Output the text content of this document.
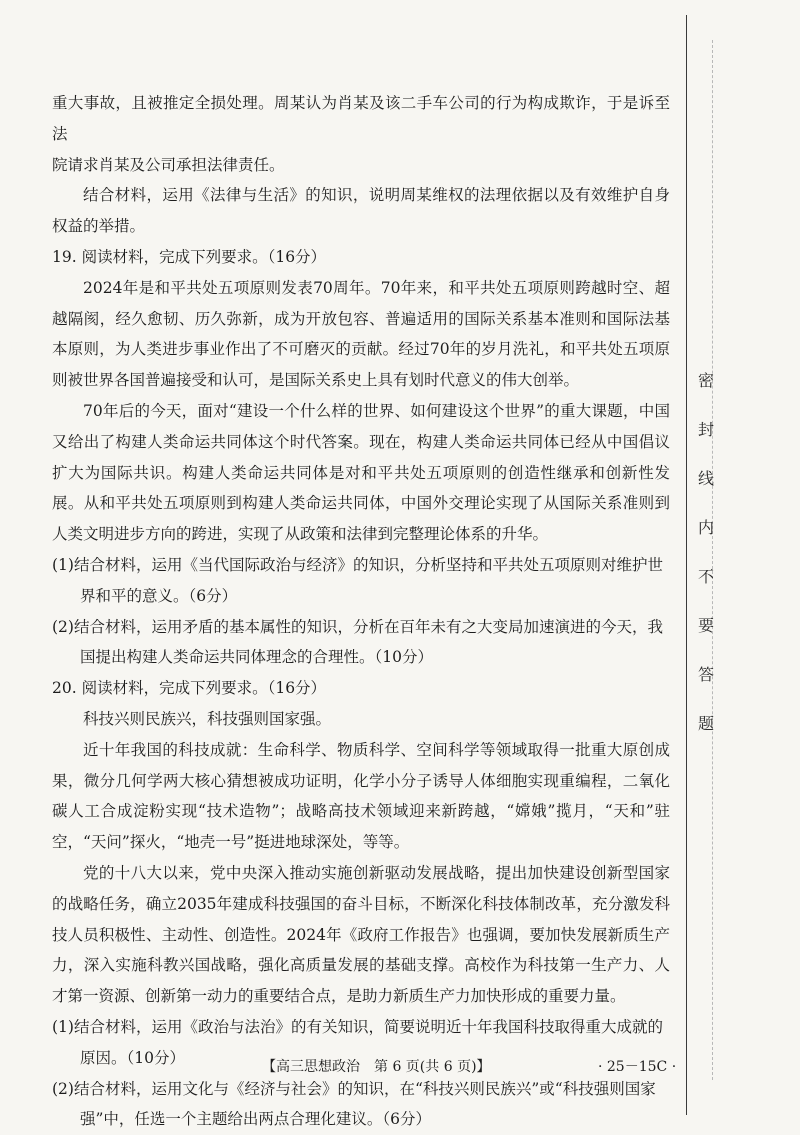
重大事故，且被推定全损处理。周某认为肖某及该二手车公司的行为构成欺诈，于是诉至法

院请求肖某及公司承担法律责任。

结合材料，运用《法律与生活》的知识，说明周某维权的法理依据以及有效维护自身权益的举措。

19. 阅读材料，完成下列要求。（16分）

2024年是和平共处五项原则发表70周年。70年来，和平共处五项原则跨越时空、超越隔阂，经久愈韧、历久弥新，成为开放包容、普遍适用的国际关系基本准则和国际法基本原则，为人类进步事业作出了不可磨灭的贡献。经过70年的岁月洗礼，和平共处五项原则被世界各国普遍接受和认可，是国际关系史上具有划时代意义的伟大创举。

70年后的今天，面对“建设一个什么样的世界、如何建设这个世界”的重大课题，中国又给出了构建人类命运共同体这个时代答案。现在，构建人类命运共同体已经从中国倡议扩大为国际共识。构建人类命运共同体是对和平共处五项原则的创造性继承和创新性发展。从和平共处五项原则到构建人类命运共同体，中国外交理论实现了从国际关系准则到人类文明进步方向的跨进，实现了从政策和法律到完整理论体系的升华。

(1)结合材料，运用《当代国际政治与经济》的知识，分析坚持和平共处五项原则对维护世界和平的意义。（6分）

(2)结合材料，运用矛盾的基本属性的知识，分析在百年未有之大变局加速演进的今天，我国提出构建人类命运共同体理念的合理性。（10分）

20. 阅读材料，完成下列要求。（16分）

科技兴则民族兴，科技强则国家强。

近十年我国的科技成就：生命科学、物质科学、空间科学等领域取得一批重大原创成果，微分几何学两大核心猜想被成功证明，化学小分子诱导人体细胞实现重编程，二氧化碳人工合成淀粉实现“技术造物”；战略高技术领域迎来新跨越，“嫦娥”揽月，“天和”驻空，“天问”探火，“地壳一号”挺进地球深处，等等。

党的十八大以来，党中央深入推动实施创新驱动发展战略，提出加快建设创新型国家的战略任务，确立2035年建成科技强国的奋斗目标，不断深化科技体制改革，充分激发科技人员积极性、主动性、创造性。2024年《政府工作报告》也强调，要加快发展新质生产力，深入实施科教兴国战略，强化高质量发展的基础支撑。高校作为科技第一生产力、人才第一资源、创新第一动力的重要结合点，是助力新质生产力加快形成的重要力量。

(1)结合材料，运用《政治与法治》的有关知识，简要说明近十年我国科技取得重大成就的原因。（10分）

(2)结合材料，运用文化与《经济与社会》的知识，在“科技兴则民族兴”或“科技强则国家强”中，任选一个主题给出两点合理化建议。（6分）

密
封
线
内
不
要
答
题
【高三思想政治　第 6 页(共 6 页)】	· 25－15C ·
